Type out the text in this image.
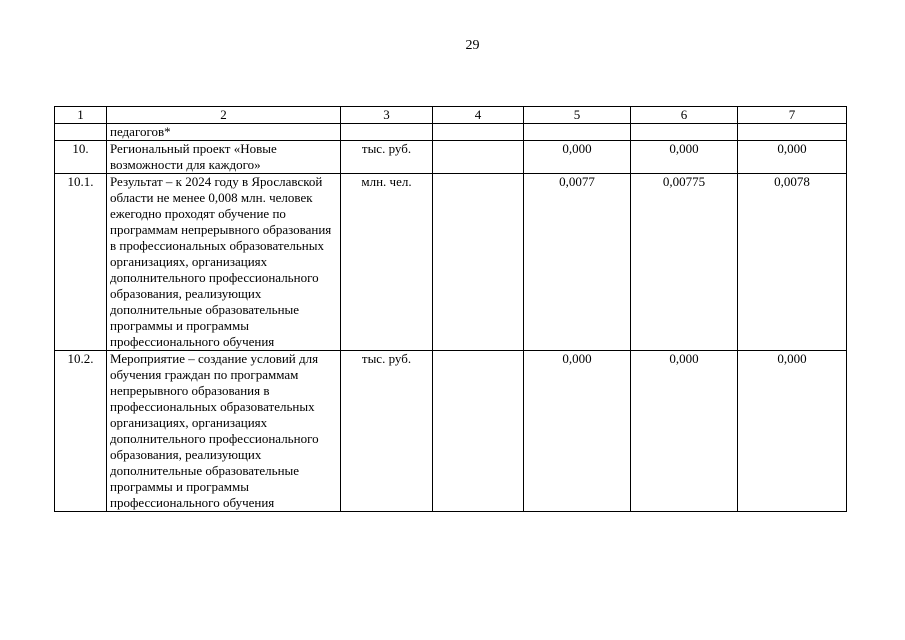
29
1	2	3	4	5	6	7
	педагогов*					
10.	Региональный проект «Новые возможности для каждого»	тыс. руб.		0,000	0,000	0,000
10.1.	Результат – к 2024 году в Ярославской области не менее 0,008 млн. человек ежегодно проходят обучение по программам непрерывного образования в профессиональных образовательных организациях, организациях дополнительного профессионального образования, реализующих дополнительные образовательные программы и программы профессионального обучения	млн. чел.		0,0077	0,00775	0,0078
10.2.	Мероприятие – создание условий для обучения граждан по программам непрерывного образования в профессиональных образовательных организациях, организациях дополнительного профессионального образования, реализующих дополнительные образовательные программы и программы профессионального обучения	тыс. руб.		0,000	0,000	0,000
